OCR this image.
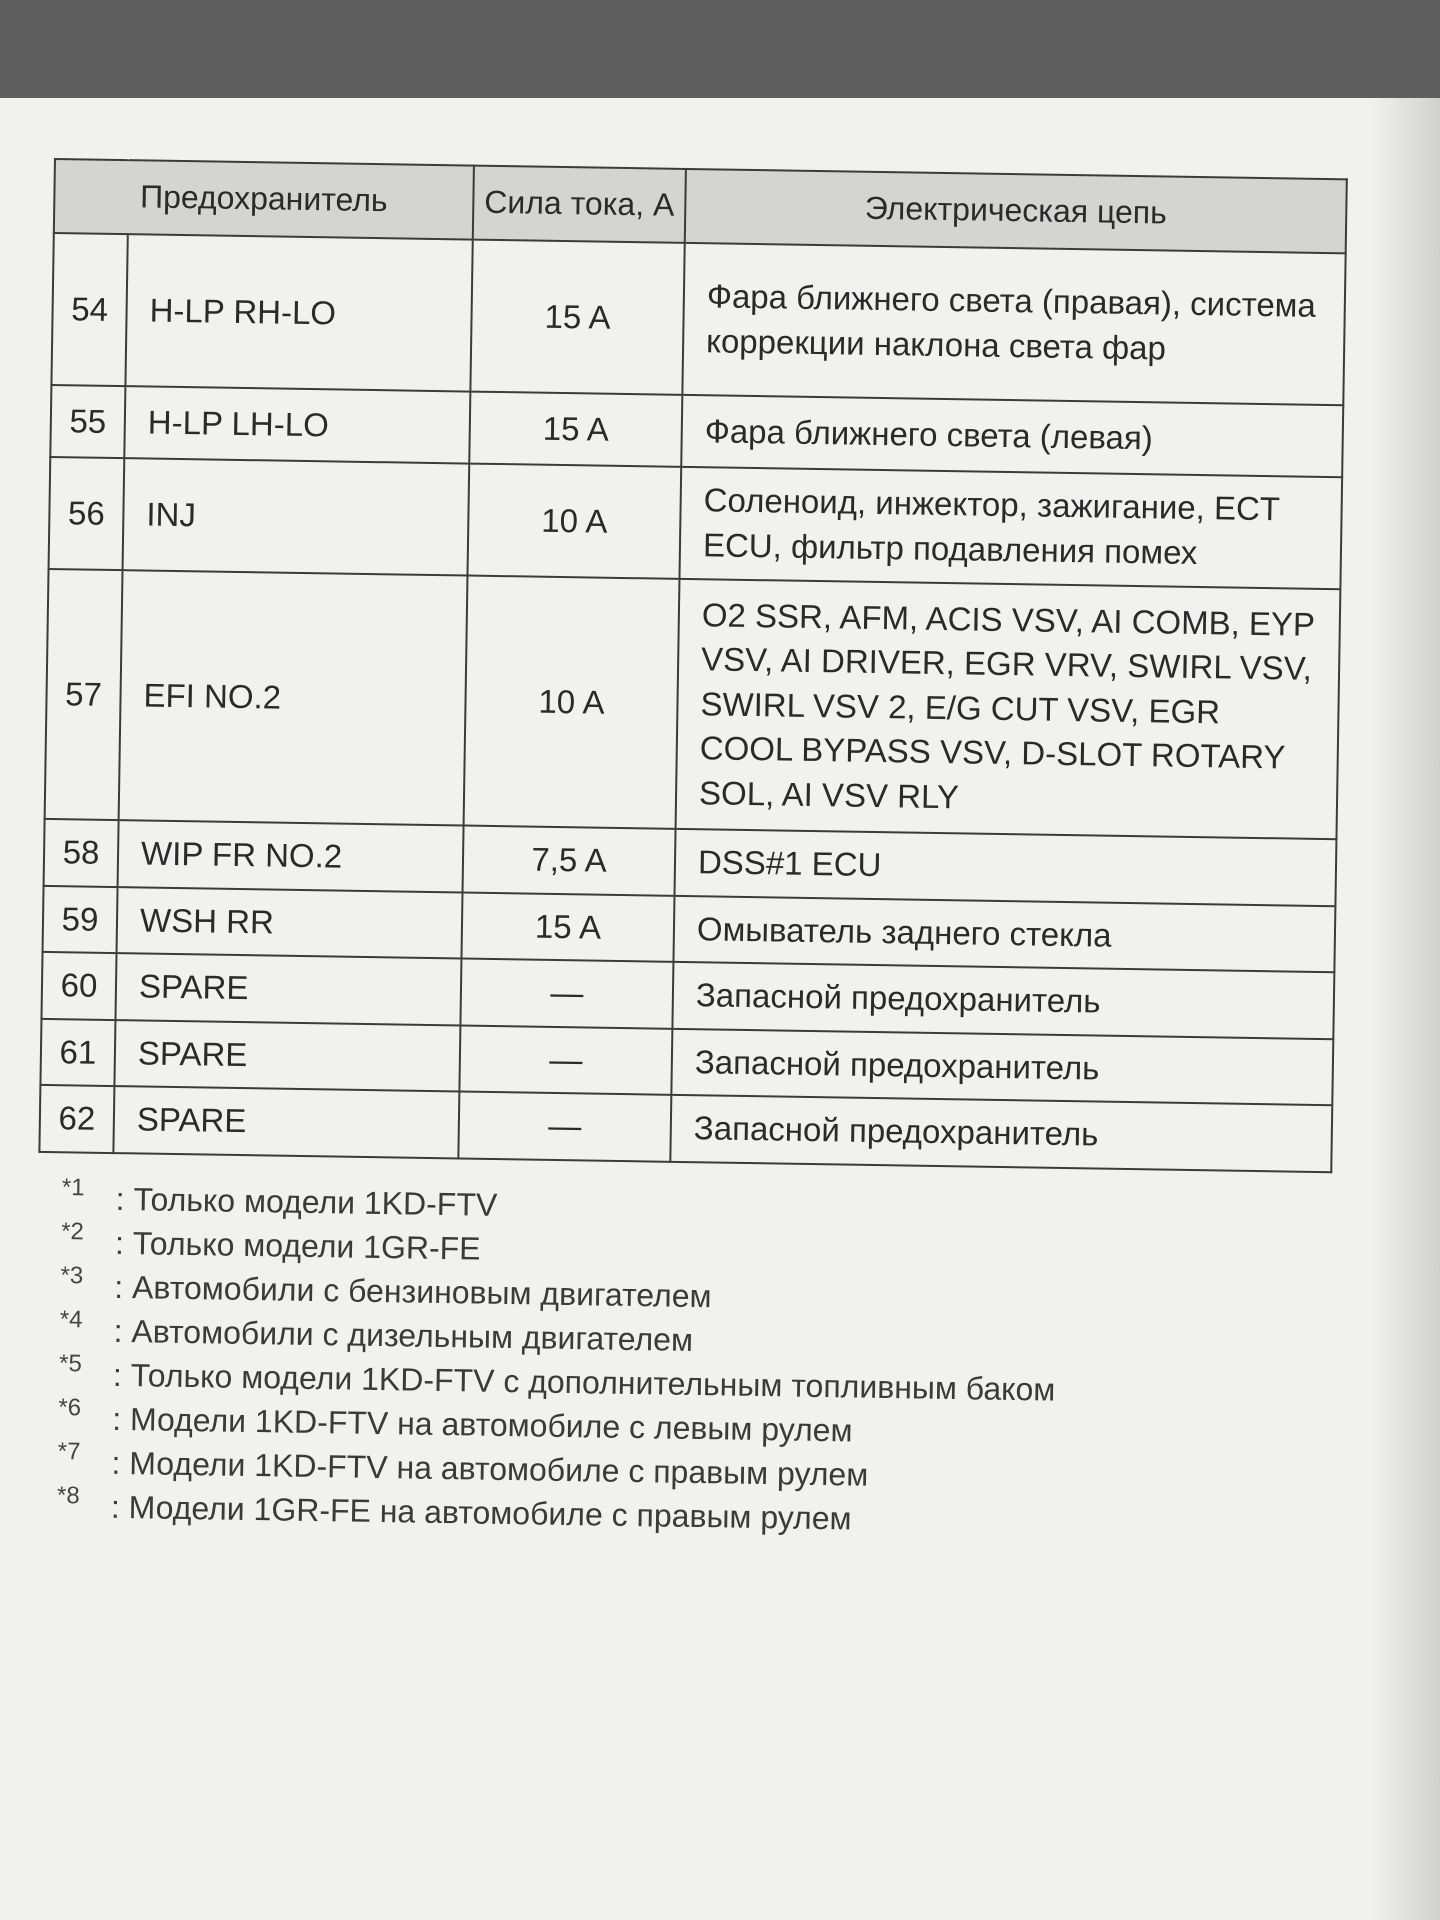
Предохранитель		Сила тока, А	Электрическая цепь
54	H-LP RH-LO	15 A	Фара ближнего света (правая), система коррекции наклона света фар
55	H-LP LH-LO	15 A	Фара ближнего света (левая)
56	INJ	10 A	Соленоид, инжектор, зажигание, ECT ECU, фильтр подавления помех
57	EFI NO.2	10 A	O2 SSR, AFM, ACIS VSV, AI COMB, EYP VSV, AI DRIVER, EGR VRV, SWIRL VSV, SWIRL VSV 2, E/G CUT VSV, EGR COOL BYPASS VSV, D-SLOT ROTARY SOL, AI VSV RLY
58	WIP FR NO.2	7,5 A	DSS#1 ECU
59	WSH RR	15 A	Омыватель заднего стекла
60	SPARE	—	Запасной предохранитель
61	SPARE	—	Запасной предохранитель
62	SPARE	—	Запасной предохранитель
*1 : Только модели 1KD-FTV
*2 : Только модели 1GR-FE
*3 : Автомобили с бензиновым двигателем
*4 : Автомобили с дизельным двигателем
*5 : Только модели 1KD-FTV с дополнительным топливным баком
*6 : Модели 1KD-FTV на автомобиле с левым рулем
*7 : Модели 1KD-FTV на автомобиле с правым рулем
*8 : Модели 1GR-FE на автомобиле с правым рулем
